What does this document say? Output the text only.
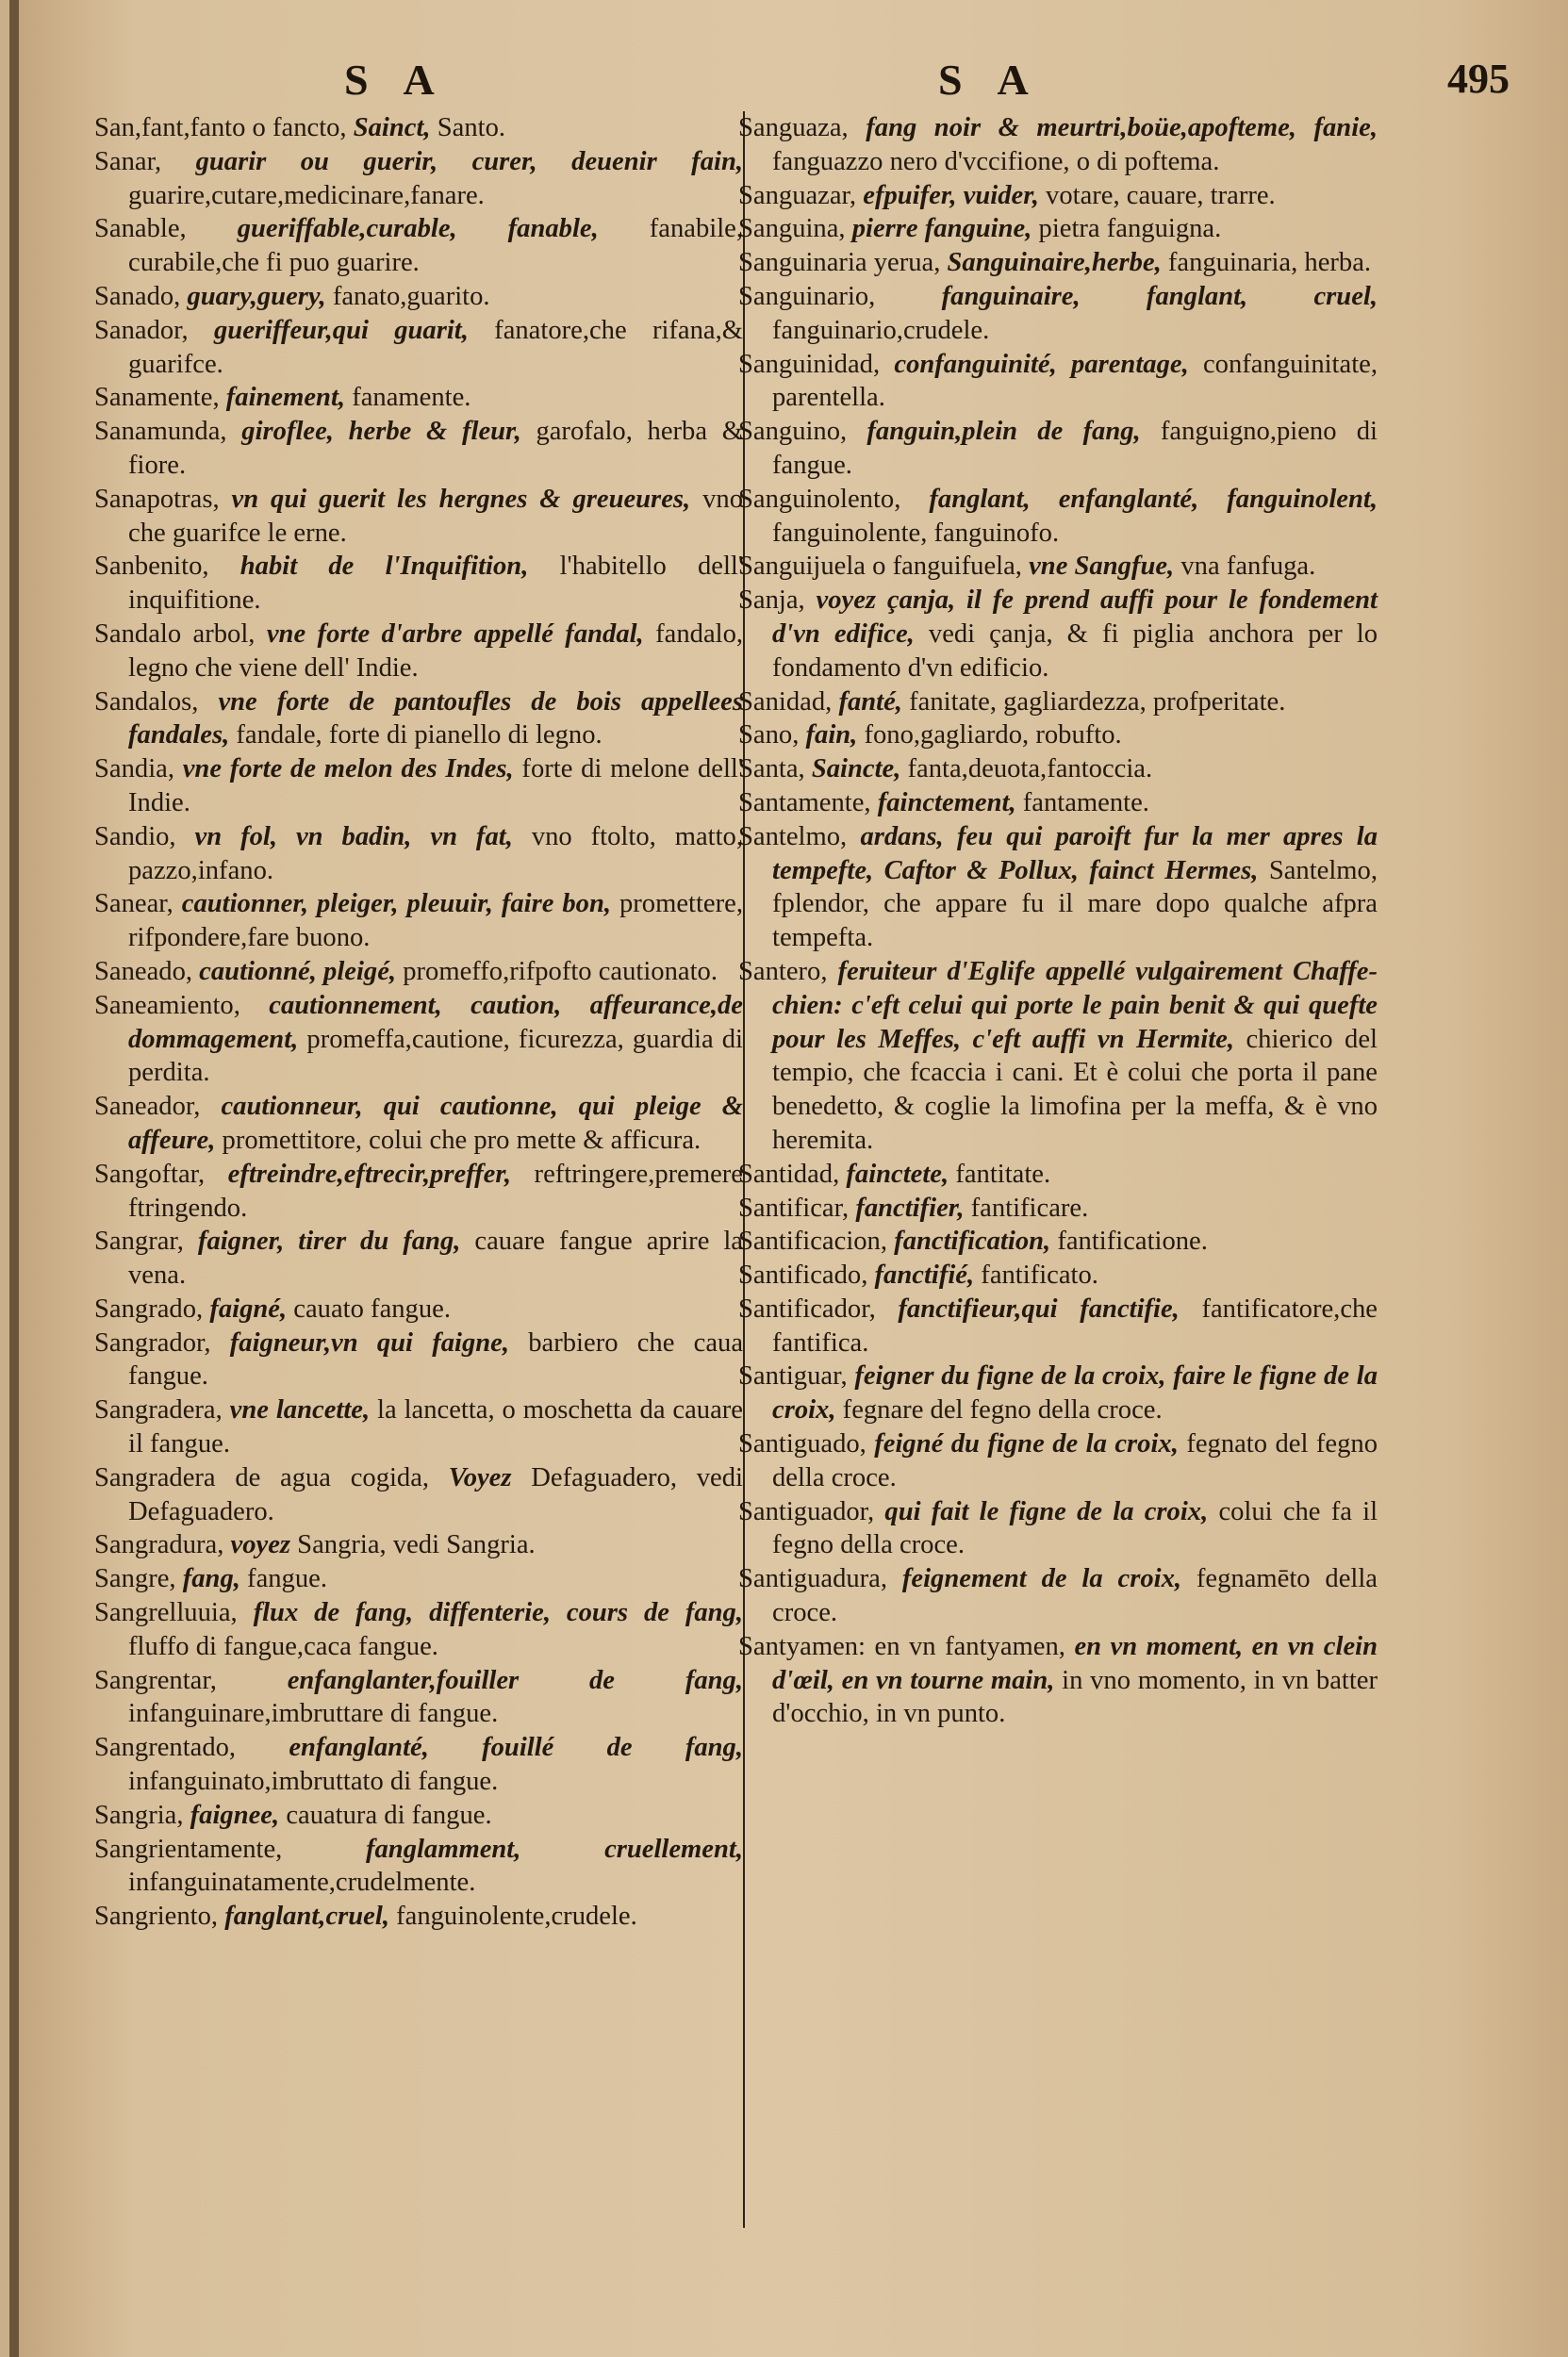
S A	S A	495
San,fant,fanto o fancto, Sainct, Santo.
Sanar, guarir ou guerir, curer, deuenir fain, guarire,cutare,medicinare,fanare.
Sanable, gueriffable,curable, fanable, fanabile, curabile,che fi puo guarire.
Sanado, guary,guery, fanato,guarito.
Sanador, gueriffeur,qui guarit, fanatore,che rifana,& guarifce.
Sanamente, fainement, fanamente.
Sanamunda, giroflee, herbe & fleur, garofalo, herba & fiore.
Sanapotras, vn qui guerit les hergnes & greueures, vno che guarifce le erne.
Sanbenito, habit de l'Inquifition, l'habitello dell' inquifitione.
Sandalo arbol, vne forte d'arbre appellé fandal, fandalo, legno che viene dell' Indie.
Sandalos, vne forte de pantoufles de bois appellees fandales, fandale, forte di pianello di legno.
Sandia, vne forte de melon des Indes, forte di melone dell' Indie.
Sandio, vn fol, vn badin, vn fat, vno ftolto, matto, pazzo,infano.
Sanear, cautionner, pleiger, pleuuir, faire bon, promettere, rifpondere,fare buono.
Saneado, cautionné, pleigé, promeffo,rifpofto cautionato.
Saneamiento, cautionnement, caution, affeurance,de dommagement, promeffa,cautione, ficurezza, guardia di perdita.
Saneador, cautionneur, qui cautionne, qui pleige & affeure, promettitore, colui che pro mette & afficura.
Sangoftar, eftreindre,eftrecir,preffer, reftringere,premere ftringendo.
Sangrar, faigner, tirer du fang, cauare fangue aprire la vena.
Sangrado, faigné, cauato fangue.
Sangrador, faigneur,vn qui faigne, barbiero che caua fangue.
Sangradera, vne lancette, la lancetta, o moschetta da cauare il fangue.
Sangradera de agua cogida, Voyez Defaguadero, vedi Defaguadero.
Sangradura, voyez Sangria, vedi Sangria.
Sangre, fang, fangue.
Sangrelluuia, flux de fang, diffenterie, cours de fang, fluffo di fangue,caca fangue.
Sangrentar,	enfanglanter,fouiller de fang, infanguinare,imbruttare di fangue.
Sangrentado, enfanglanté, fouillé de fang, infanguinato,imbruttato di fangue.
Sangria, faignee, cauatura di fangue.
Sangrientamente,	fanglamment, cruellement, infanguinatamente,crudelmente.
Sangriento, fanglant,cruel, fanguinolente,crudele.
Sanguaza, fang noir & meurtri,boüe,apofteme, fanie, fanguazzo nero d'vccifione, o di poftema.
Sanguazar, efpuifer, vuider, votare, cauare, trarre.
Sanguina, pierre fanguine, pietra fanguigna.
Sanguinaria yerua, Sanguinaire,herbe, fanguinaria, herba.
Sanguinario, fanguinaire, fanglant, cruel, fanguinario,crudele.
Sanguinidad, confanguinité, parentage, confanguinitate, parentella.
Sanguino, fanguin,plein de fang, fanguigno,pieno di fangue.
Sanguinolento, fanglant, enfanglanté, fanguinolent, fanguinolente, fanguinofo.
Sanguijuela o fanguifuela, vne Sangfue, vna fanfuga.
Sanja, voyez çanja, il fe prend auffi pour le fondement d'vn edifice, vedi çanja, & fi piglia anchora per lo fondamento d'vn edificio.
Sanidad, fanté, fanitate, gagliardezza, profperitate.
Sano, fain, fono,gagliardo, robufto.
Santa, Saincte, fanta,deuota,fantoccia.
Santamente, fainctement, fantamente.
Santelmo, ardans, feu qui paroift fur la mer apres la tempefte, Caftor & Pollux, fainct Hermes, Santelmo, fplendor, che appare fu il mare dopo qualche afpra tempefta.
Santero, feruiteur d'Eglife appellé vulgairement Chaffe-chien: c'eft celui qui porte le pain benit & qui quefte pour les Meffes, c'eft auffi vn Hermite, chierico del tempio, che fcaccia i cani. Et è colui che porta il pane benedetto, & coglie la limofina per la meffa, & è vno heremita.
Santidad, fainctete, fantitate.
Santificar, fanctifier, fantificare.
Santificacion, fanctification, fantificatione.
Santificado, fanctifié, fantificato.
Santificador, fanctifieur,qui fanctifie, fantificatore,che fantifica.
Santiguar, feigner du figne de la croix, faire le figne de la croix, fegnare del fegno della croce.
Santiguado, feigné du figne de la croix, fegnato del fegno della croce.
Santiguador, qui fait le figne de la croix, colui che fa il fegno della croce.
Santiguadura, feignement de la croix, fegnamēto della croce.
Santyamen: en vn fantyamen, en vn moment, en vn clein d'œil, en vn tourne main, in vno momento, in vn batter d'occhio, in vn punto.
